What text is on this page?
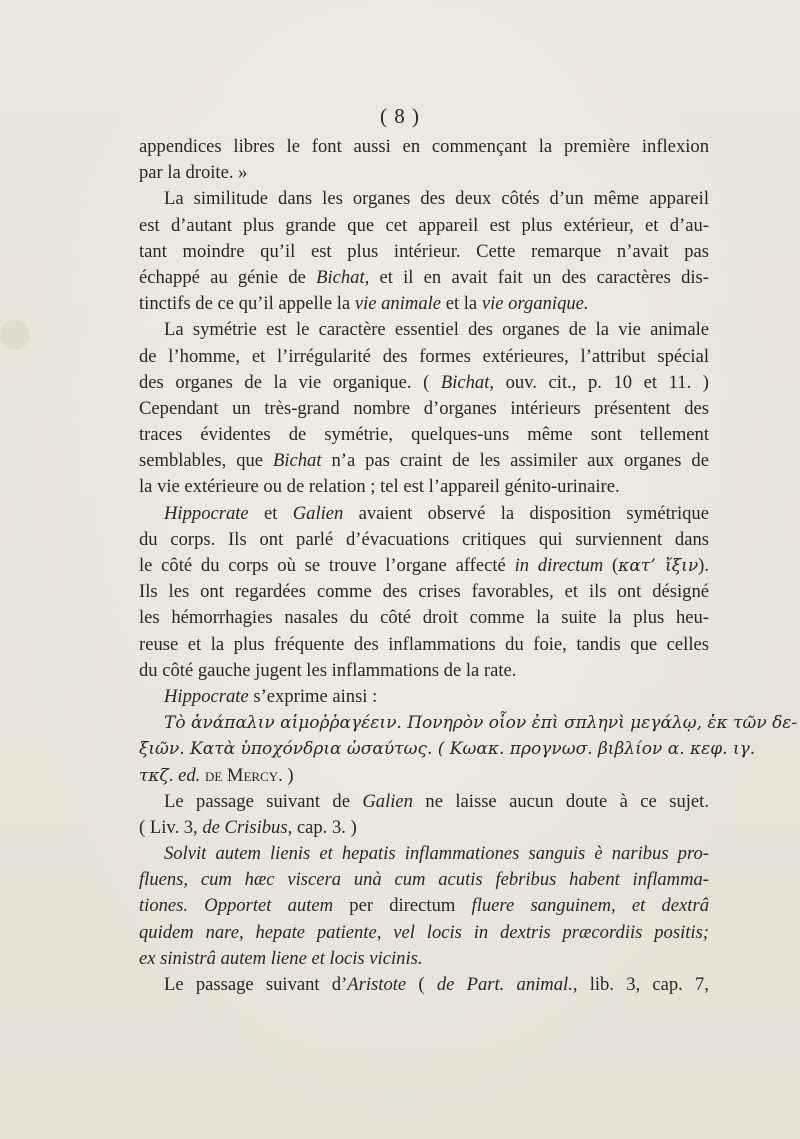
( 8 )
appendices libres le font aussi en commençant la première inflexion
par la droite. »
La similitude dans les organes des deux côtés d’un même appareil
est d’autant plus grande que cet appareil est plus extérieur, et d’au-
tant moindre qu’il est plus intérieur. Cette remarque n’avait pas
échappé au génie de Bichat, et il en avait fait un des caractères dis-
tinctifs de ce qu’il appelle la vie animale et la vie organique.
La symétrie est le caractère essentiel des organes de la vie animale
de l’homme, et l’irrégularité des formes extérieures, l’attribut spécial
des organes de la vie organique. ( Bichat, ouv. cit., p. 10 et 11. )
Cependant un très-grand nombre d’organes intérieurs présentent des
traces évidentes de symétrie, quelques-uns même sont tellement
semblables, que Bichat n’a pas craint de les assimiler aux organes de
la vie extérieure ou de relation ; tel est l’appareil génito-urinaire.
Hippocrate et Galien avaient observé la disposition symétrique
du corps. Ils ont parlé d’évacuations critiques qui surviennent dans
le côté du corps où se trouve l’organe affecté in directum (κατ’ ἴξιν).
Ils les ont regardées comme des crises favorables, et ils ont désigné
les hémorrhagies nasales du côté droit comme la suite la plus heu-
reuse et la plus fréquente des inflammations du foie, tandis que celles
du côté gauche jugent les inflammations de la rate.
Hippocrate s’exprime ainsi :
Τὸ ἀνάπαλιν αἱμοῤῥαγέειν. Πονηρὸν οἷον ἐπὶ σπληνὶ μεγάλῳ, ἐκ τῶν δε-
ξιῶν. Κατὰ ὑποχόνδρια ὡσαύτως. ( Κωακ. προγνωσ. βιβλίον α. κεφ. ιγ.
τκζ. ed. de Mercy. )
Le passage suivant de Galien ne laisse aucun doute à ce sujet.
( Liv. 3, de Crisibus, cap. 3. )
Solvit autem lienis et hepatis inflammationes sanguis è naribus pro-
fluens, cum hæc viscera unà cum acutis febribus habent inflamma-
tiones. Opportet autem per directum fluere sanguinem, et dextrâ
quidem nare, hepate patiente, vel locis in dextris præcordiis positis;
ex sinistrâ autem liene et locis vicinis.
Le passage suivant d’Aristote ( de Part. animal., lib. 3, cap. 7,
